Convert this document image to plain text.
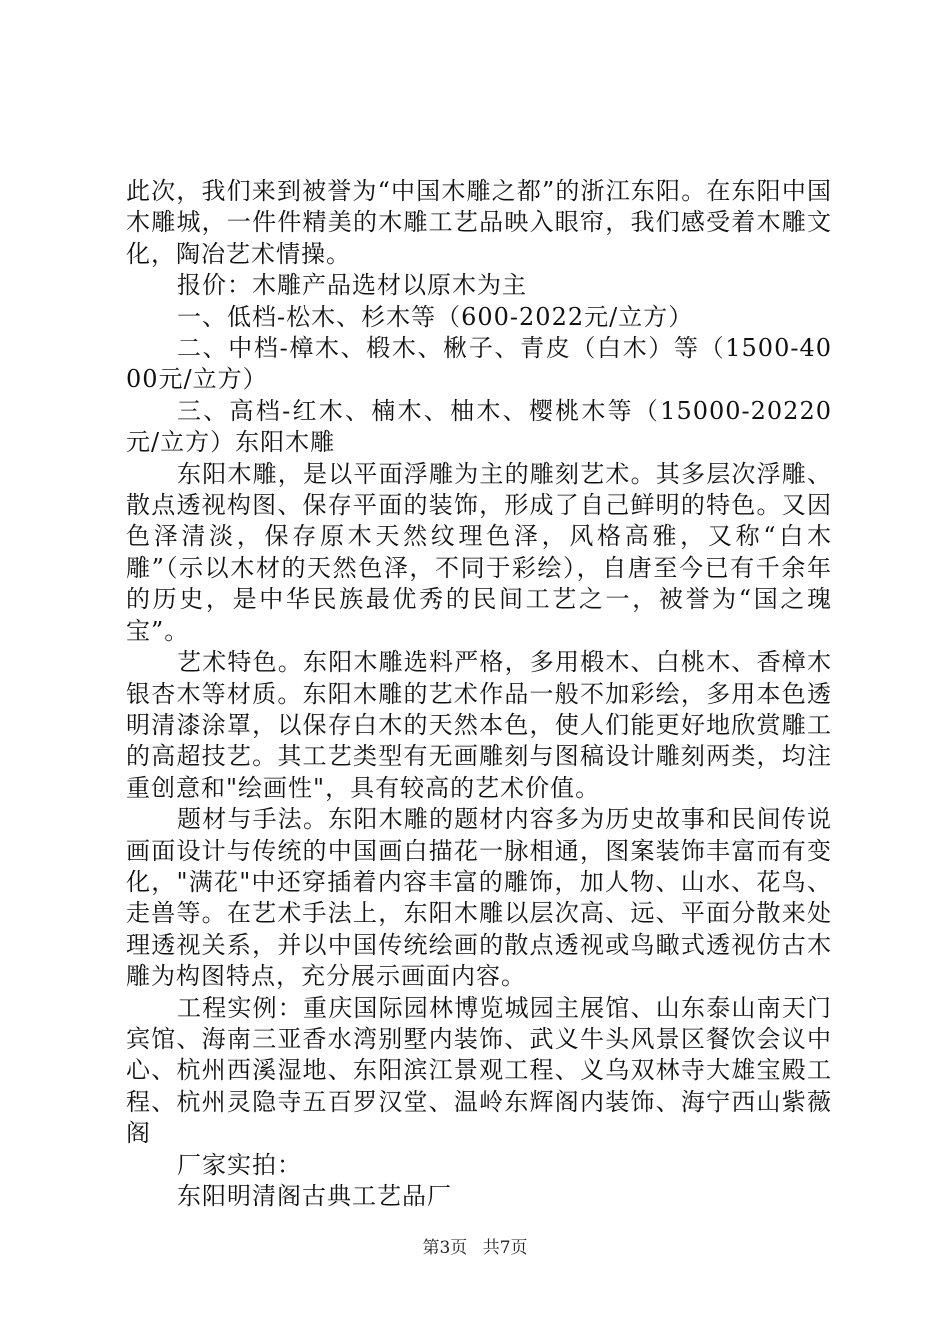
此次，我们来到被誉为“中国木雕之都”的浙江东阳。在东阳中国木雕城，一件件精美的木雕工艺品映入眼帘，我们感受着木雕文化，陶冶艺术情操。

报价：木雕产品选材以原木为主

一、低档-松木、杉木等（600-2022元/立方）

二、中档-樟木、椴木、楸子、青皮（白木）等（1500-4000元/立方）

三、高档-红木、楠木、柚木、樱桃木等（15000-20220元/立方）东阳木雕

东阳木雕，是以平面浮雕为主的雕刻艺术。其多层次浮雕、散点透视构图、保存平面的装饰，形成了自己鲜明的特色。又因色泽清淡，保存原木天然纹理色泽，风格高雅，又称“白木雕”（示以木材的天然色泽，不同于彩绘），自唐至今已有千余年的历史，是中华民族最优秀的民间工艺之一，被誉为“国之瑰宝”。

艺术特色。东阳木雕选料严格，多用椴木、白桃木、香樟木银杏木等材质。东阳木雕的艺术作品一般不加彩绘，多用本色透明清漆涂罩，以保存白木的天然本色，使人们能更好地欣赏雕工的高超技艺。其工艺类型有无画雕刻与图稿设计雕刻两类，均注重创意和"绘画性"，具有较高的艺术价值。

题材与手法。东阳木雕的题材内容多为历史故事和民间传说画面设计与传统的中国画白描花一脉相通，图案装饰丰富而有变化，"满花"中还穿插着内容丰富的雕饰，加人物、山水、花鸟、走兽等。在艺术手法上，东阳木雕以层次高、远、平面分散来处理透视关系，并以中国传统绘画的散点透视或鸟瞰式透视仿古木雕为构图特点，充分展示画面内容。

工程实例：重庆国际园林博览城园主展馆、山东泰山南天门宾馆、海南三亚香水湾别墅内装饰、武义牛头风景区餐饮会议中心、杭州西溪湿地、东阳滨江景观工程、义乌双林寺大雄宝殿工程、杭州灵隐寺五百罗汉堂、温岭东辉阁内装饰、海宁西山紫薇阁

厂家实拍：

东阳明清阁古典工艺品厂

第3页 共7页
